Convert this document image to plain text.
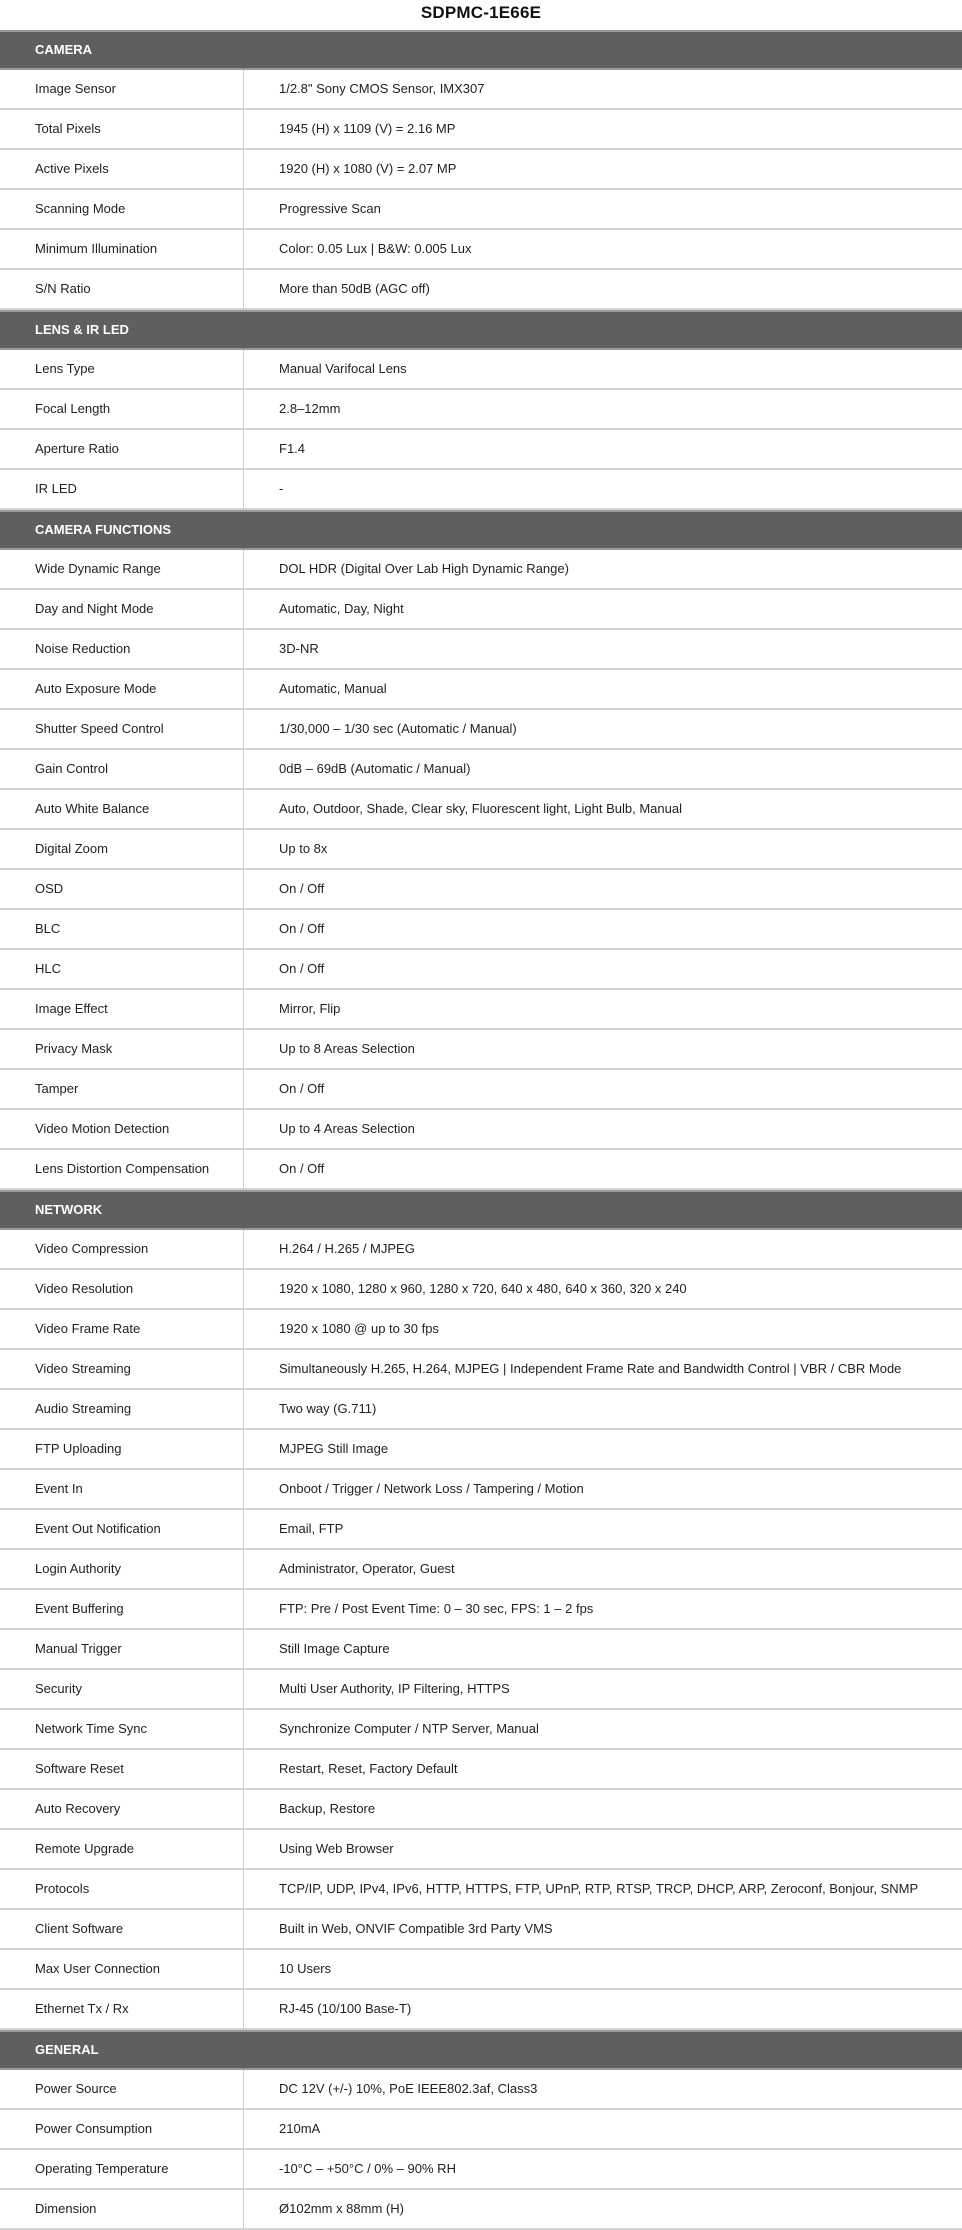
SDPMC-1E66E
CAMERA
Image Sensor	1/2.8" Sony CMOS Sensor, IMX307
Total Pixels	1945 (H) x 1109 (V) = 2.16 MP
Active Pixels	1920 (H) x 1080 (V) = 2.07 MP
Scanning Mode	Progressive Scan
Minimum Illumination	Color: 0.05 Lux | B&W: 0.005 Lux
S/N Ratio	More than 50dB (AGC off)
LENS & IR LED
Lens Type	Manual Varifocal Lens
Focal Length	2.8–12mm
Aperture Ratio	F1.4
IR LED	-
CAMERA FUNCTIONS
Wide Dynamic Range	DOL HDR (Digital Over Lab High Dynamic Range)
Day and Night Mode	Automatic, Day, Night
Noise Reduction	3D-NR
Auto Exposure Mode	Automatic, Manual
Shutter Speed Control	1/30,000 – 1/30 sec (Automatic / Manual)
Gain Control	0dB – 69dB (Automatic / Manual)
Auto White Balance	Auto, Outdoor, Shade, Clear sky, Fluorescent light, Light Bulb, Manual
Digital Zoom	Up to 8x
OSD	On / Off
BLC	On / Off
HLC	On / Off
Image Effect	Mirror, Flip
Privacy Mask	Up to 8 Areas Selection
Tamper	On / Off
Video Motion Detection	Up to 4 Areas Selection
Lens Distortion Compensation	On / Off
NETWORK
Video Compression	H.264 / H.265 / MJPEG
Video Resolution	1920 x 1080, 1280 x 960, 1280 x 720, 640 x 480, 640 x 360, 320 x 240
Video Frame Rate	1920 x 1080 @ up to 30 fps
Video Streaming	Simultaneously H.265, H.264, MJPEG | Independent Frame Rate and Bandwidth Control | VBR / CBR Mode
Audio Streaming	Two way (G.711)
FTP Uploading	MJPEG Still Image
Event In	Onboot / Trigger / Network Loss / Tampering / Motion
Event Out Notification	Email, FTP
Login Authority	Administrator, Operator, Guest
Event Buffering	FTP: Pre / Post Event Time: 0 – 30 sec, FPS: 1 – 2 fps
Manual Trigger	Still Image Capture
Security	Multi User Authority, IP Filtering, HTTPS
Network Time Sync	Synchronize Computer / NTP Server, Manual
Software Reset	Restart, Reset, Factory Default
Auto Recovery	Backup, Restore
Remote Upgrade	Using Web Browser
Protocols	TCP/IP, UDP, IPv4, IPv6, HTTP, HTTPS, FTP, UPnP, RTP, RTSP, TRCP, DHCP, ARP, Zeroconf, Bonjour, SNMP
Client Software	Built in Web, ONVIF Compatible 3rd Party VMS
Max User Connection	10 Users
Ethernet Tx / Rx	RJ-45 (10/100 Base-T)
GENERAL
Power Source	DC 12V (+/-) 10%, PoE IEEE802.3af, Class3
Power Consumption	210mA
Operating Temperature	-10°C – +50°C / 0% – 90% RH
Dimension	Ø102mm x 88mm (H)
